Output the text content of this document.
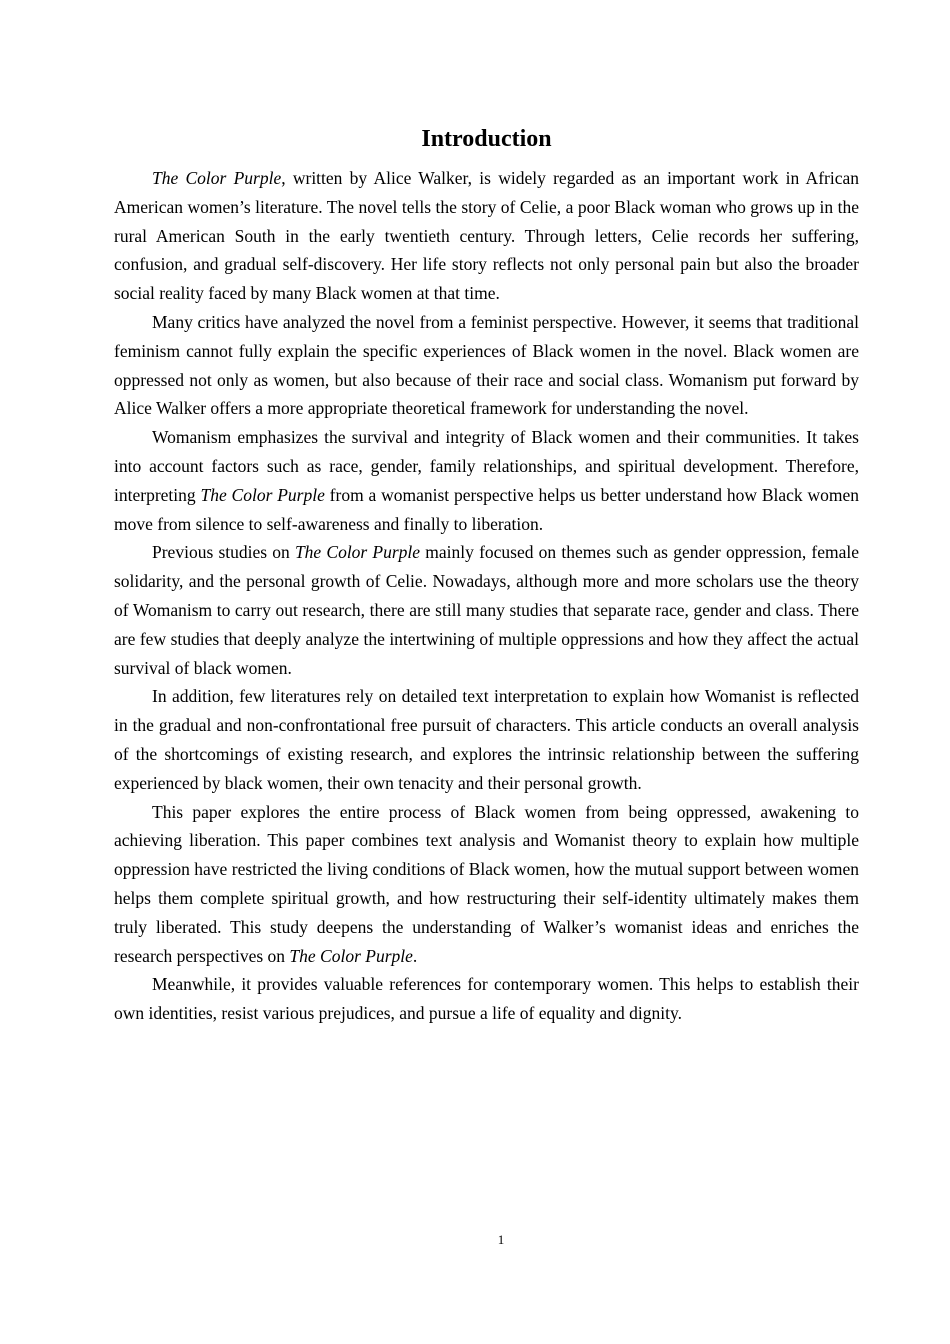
Introduction

The Color Purple, written by Alice Walker, is widely regarded as an important work in African American women’s literature. The novel tells the story of Celie, a poor Black woman who grows up in the rural American South in the early twentieth century. Through letters, Celie records her suffering, confusion, and gradual self-discovery. Her life story reflects not only personal pain but also the broader social reality faced by many Black women at that time.

Many critics have analyzed the novel from a feminist perspective. However, it seems that traditional feminism cannot fully explain the specific experiences of Black women in the novel. Black women are oppressed not only as women, but also because of their race and social class. Womanism put forward by Alice Walker offers a more appropriate theoretical framework for understanding the novel.

Womanism emphasizes the survival and integrity of Black women and their communities. It takes into account factors such as race, gender, family relationships, and spiritual development. Therefore, interpreting The Color Purple from a womanist perspective helps us better understand how Black women move from silence to self-awareness and finally to liberation.

Previous studies on The Color Purple mainly focused on themes such as gender oppression, female solidarity, and the personal growth of Celie. Nowadays, although more and more scholars use the theory of Womanism to carry out research, there are still many studies that separate race, gender and class. There are few studies that deeply analyze the intertwining of multiple oppressions and how they affect the actual survival of black women.

In addition, few literatures rely on detailed text interpretation to explain how Womanist is reflected in the gradual and non-confrontational free pursuit of characters. This article conducts an overall analysis of the shortcomings of existing research, and explores the intrinsic relationship between the suffering experienced by black women, their own tenacity and their personal growth.

This paper explores the entire process of Black women from being oppressed, awakening to achieving liberation. This paper combines text analysis and Womanist theory to explain how multiple oppression have restricted the living conditions of Black women, how the mutual support between women helps them complete spiritual growth, and how restructuring their self-identity ultimately makes them truly liberated. This study deepens the understanding of Walker’s womanist ideas and enriches the research perspectives on The Color Purple.

Meanwhile, it provides valuable references for contemporary women. This helps to establish their own identities, resist various prejudices, and pursue a life of equality and dignity.

1
